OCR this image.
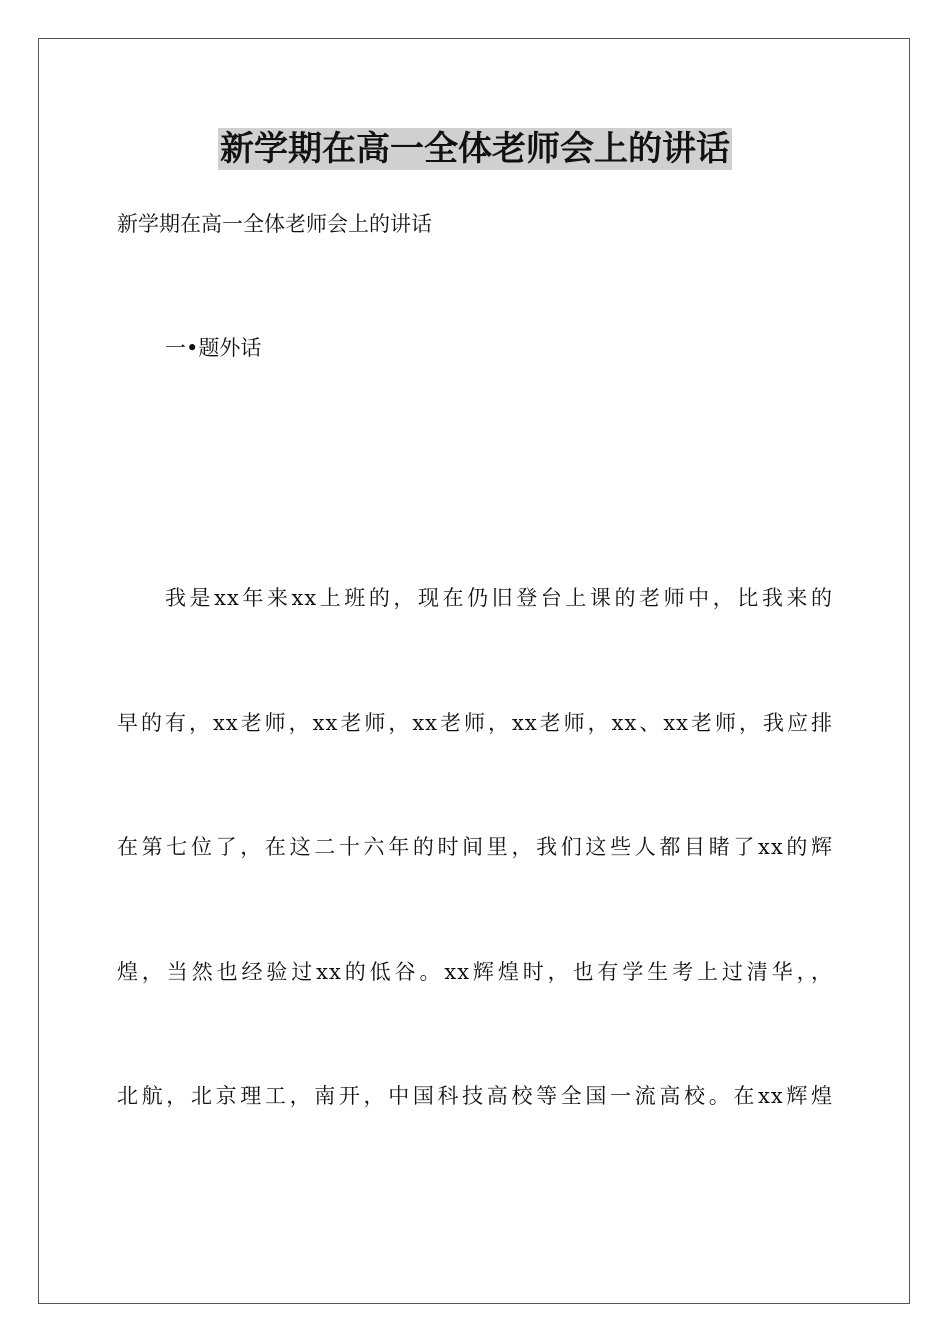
新学期在高一全体老师会上的讲话
新学期在高一全体老师会上的讲话
一•题外话
我是xx年来xx上班的，现在仍旧登台上课的老师中，比我来的
早的有，xx老师，xx老师，xx老师，xx老师，xx、xx老师，我应排
在第七位了，在这二十六年的时间里，我们这些人都目睹了xx的辉
煌，当然也经验过xx的低谷。xx辉煌时，也有学生考上过清华，，
北航，北京理工，南开，中国科技高校等全国一流高校。在xx辉煌
